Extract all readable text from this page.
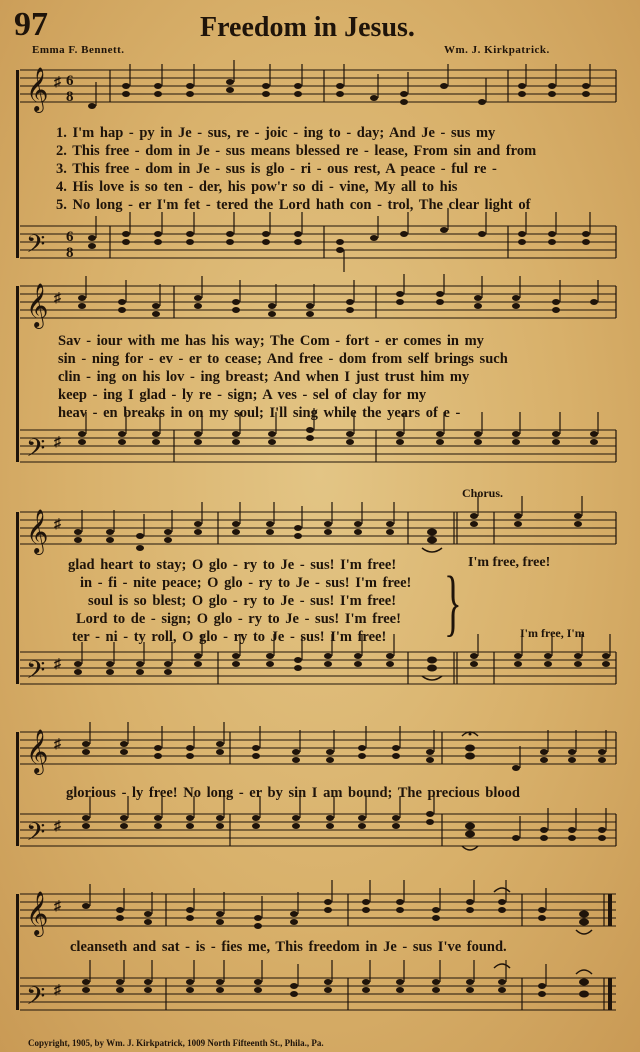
97	Freedom in Jesus.
Emma F. Bennett.	Wm. J. Kirkpatrick.
𝄞
𝄢
♯ 6
8
6
8
1. I'm hap - py in Je - sus, re - joic - ing to - day; And Je - sus my
2. This free - dom in Je - sus means blessed re - lease, From sin and from
3. This free - dom in Je - sus is glo - ri - ous rest, A peace - ful re -
4. His love is so ten - der, his pow'r so di - vine, My all to his
5. No long - er I'm fet - tered the Lord hath con - trol, The clear light of
𝄞
𝄢
♯
♯
Sav - iour with me has his way; The Com - fort - er comes in my
sin - ning for - ev - er to cease; And free - dom from self brings such
clin - ing on his lov - ing breast; And when I just trust him my
keep - ing I glad - ly re - sign; A ves - sel of clay for my
heav - en breaks in on my soul; I'll sing while the years of e -
Chorus.
𝄞
𝄢
♯
♯
glad heart to stay; O glo - ry to Je - sus! I'm free!
in - fi - nite peace; O glo - ry to Je - sus! I'm free!
soul is so blest; O glo - ry to Je - sus! I'm free!
Lord to de - sign; O glo - ry to Je - sus! I'm free!
ter - ni - ty roll, O glo - ry to Je - sus! I'm free! } I'm free, free!
I'm free, I'm
𝄞
𝄢
♯
♯
glorious - ly free! No long - er by sin I am bound; The precious blood
𝄞
𝄢
♯
♯
cleanseth and sat - is - fies me, This freedom in Je - sus I've found.
Copyright, 1905, by Wm. J. Kirkpatrick, 1009 North Fifteenth St., Phila., Pa.
